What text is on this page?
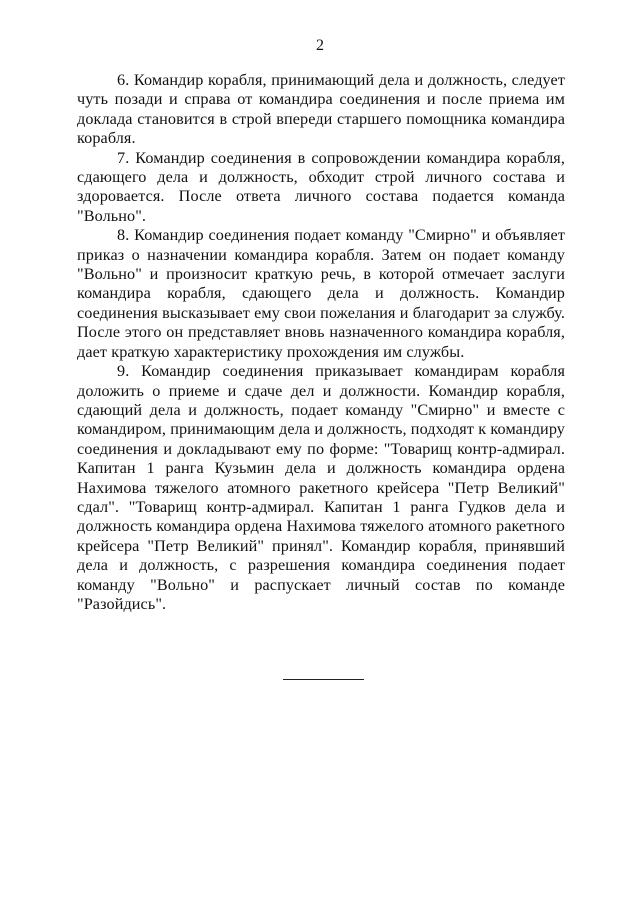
2

6. Командир корабля, принимающий дела и должность, следует чуть позади и справа от командира соединения и после приема им доклада становится в строй впереди старшего помощника командира корабля.

7. Командир соединения в сопровождении командира корабля, сдающего дела и должность, обходит строй личного состава и здоровается. После ответа личного состава подается команда "Вольно".

8. Командир соединения подает команду "Смирно" и объявляет приказ о назначении командира корабля. Затем он подает команду "Вольно" и произносит краткую речь, в которой отмечает заслуги командира корабля, сдающего дела и должность. Командир соединения высказывает ему свои пожелания и благодарит за службу. После этого он представляет вновь назначенного командира корабля, дает краткую характеристику прохождения им службы.

9. Командир соединения приказывает командирам корабля доложить о приеме и сдаче дел и должности. Командир корабля, сдающий дела и должность, подает команду "Смирно" и вместе с командиром, принимающим дела и должность, подходят к командиру соединения и докладывают ему по форме: "Товарищ контр-адмирал. Капитан 1 ранга Кузьмин дела и должность командира ордена Нахимова тяжелого атомного ракетного крейсера "Петр Великий" сдал". "Товарищ контр-адмирал. Капитан 1 ранга Гудков дела и должность командира ордена Нахимова тяжелого атомного ракетного крейсера "Петр Великий" принял". Командир корабля, принявший дела и должность, с разрешения командира соединения подает команду "Вольно" и распускает личный состав по команде "Разойдись".
